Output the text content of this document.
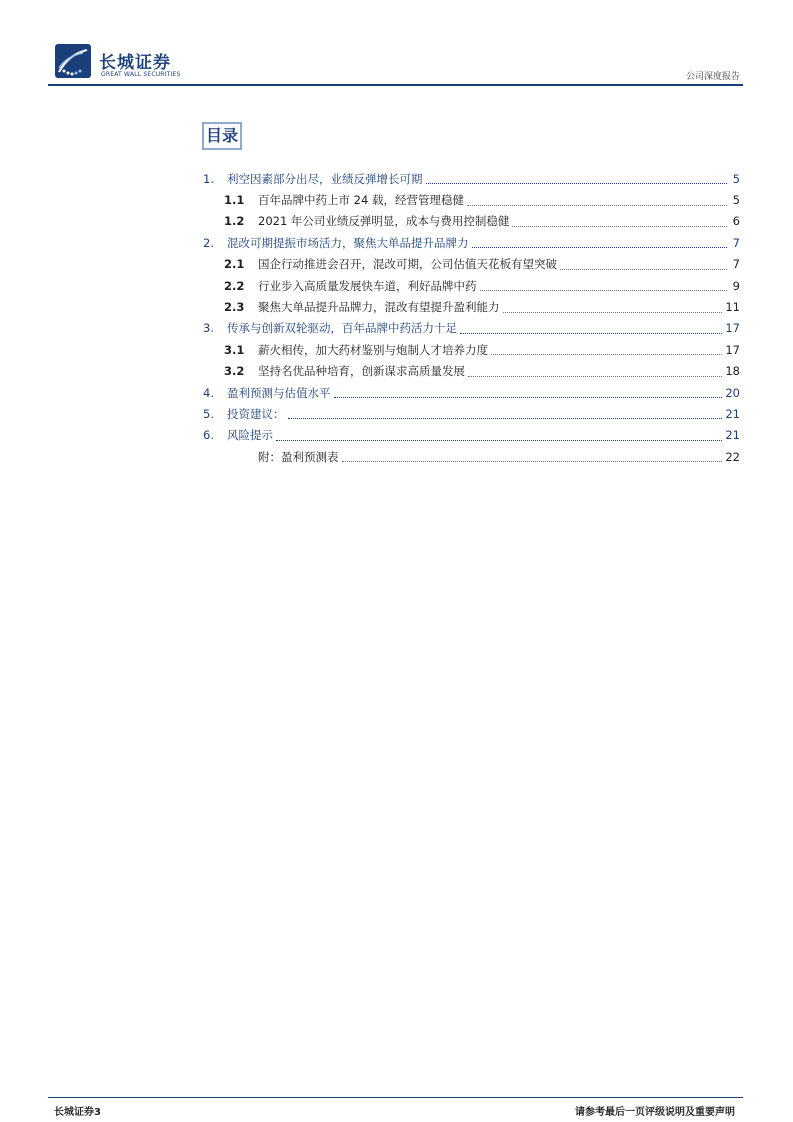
长城证券
GREAT WALL SECURITIES	公司深度报告
目录
1.	利空因素部分出尽，业绩反弹增长可期	5
1.1	百年品牌中药上市 24 载，经营管理稳健	5
1.2	2021 年公司业绩反弹明显，成本与费用控制稳健	6
2.	混改可期提振市场活力，聚焦大单品提升品牌力	7
2.1	国企行动推进会召开，混改可期，公司估值天花板有望突破	7
2.2	行业步入高质量发展快车道，利好品牌中药	9
2.3	聚焦大单品提升品牌力，混改有望提升盈利能力	11
3.	传承与创新双轮驱动，百年品牌中药活力十足	17
3.1	薪火相传，加大药材鉴别与炮制人才培养力度	17
3.2	坚持名优品种培育，创新谋求高质量发展	18
4.	盈利预测与估值水平	20
5.	投资建议：	21
6.	风险提示	21
附：盈利预测表	22
长城证券3	请参考最后一页评级说明及重要声明
